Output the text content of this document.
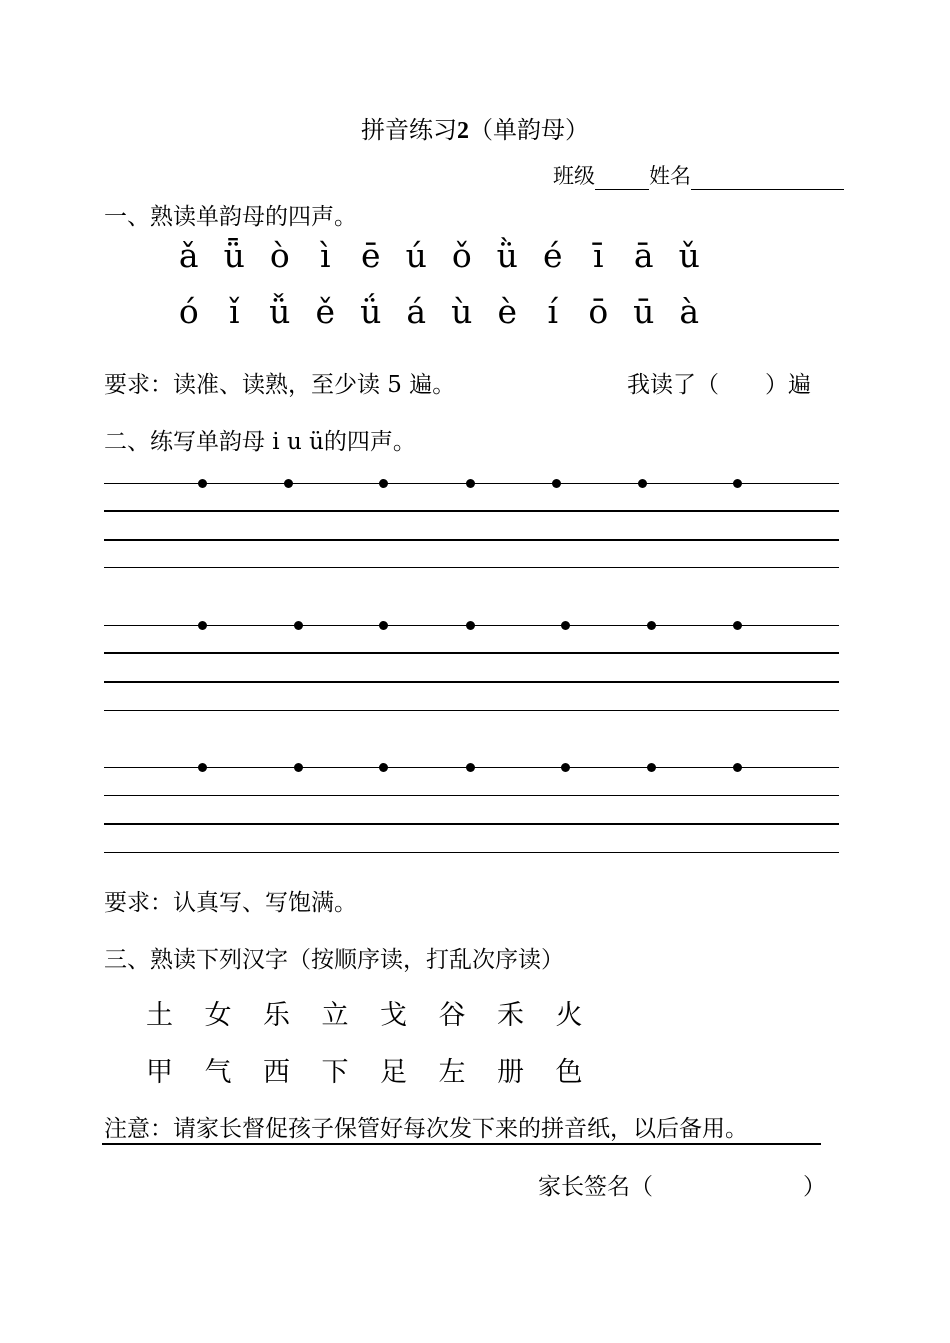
拼音练习2（单韵母）
班级	姓名
一、熟读单韵母的四声。
ǎ ǖ ò ì ē ú ǒ ǜ é ī ā ǔ
ó ǐ ǚ ě ǘ á ù è í ō ū à
要求：读准、读熟，至少读 5 遍。	我读了（　　）遍
二、练写单韵母 i u ü的四声。
要求：认真写、写饱满。
三、熟读下列汉字（按顺序读，打乱次序读）
土 女 乐 立 戈 谷 禾 火
甲 气 西 下 足 左 册 色
注意：请家长督促孩子保管好每次发下来的拼音纸，以后备用。
家长签名（	）
